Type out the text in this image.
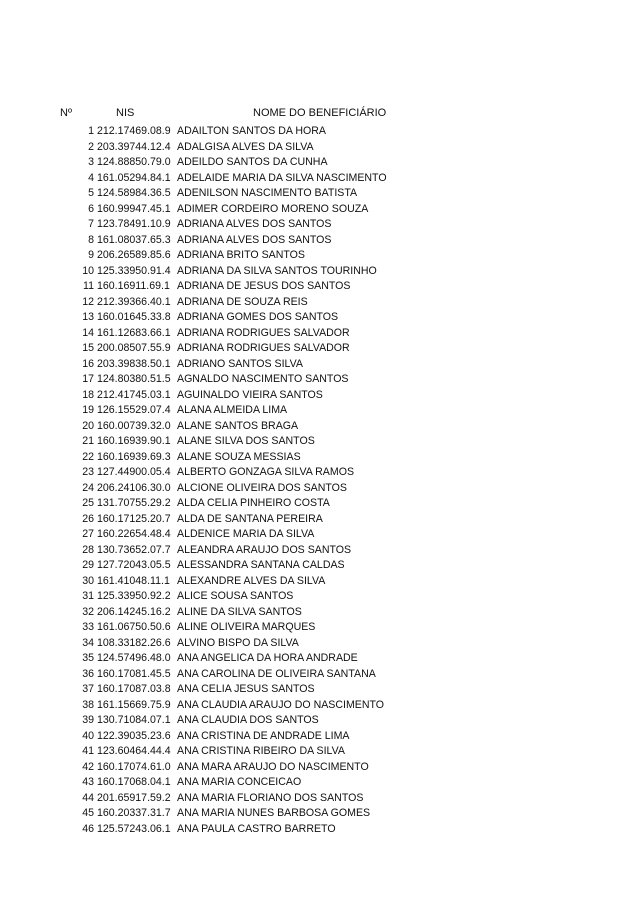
Nº	NIS	NOME DO BENEFICIÁRIO
1 212.17469.08.9 ADAILTON SANTOS DA HORA
2 203.39744.12.4 ADALGISA ALVES DA SILVA
3 124.88850.79.0 ADEILDO SANTOS DA CUNHA
4 161.05294.84.1 ADELAIDE MARIA DA SILVA NASCIMENTO
5 124.58984.36.5 ADENILSON NASCIMENTO BATISTA
6 160.99947.45.1 ADIMER CORDEIRO MORENO SOUZA
7 123.78491.10.9 ADRIANA ALVES DOS SANTOS
8 161.08037.65.3 ADRIANA ALVES DOS SANTOS
9 206.26589.85.6 ADRIANA BRITO SANTOS
10 125.33950.91.4 ADRIANA DA SILVA SANTOS TOURINHO
11 160.16911.69.1 ADRIANA DE JESUS DOS SANTOS
12 212.39366.40.1 ADRIANA DE SOUZA REIS
13 160.01645.33.8 ADRIANA GOMES DOS SANTOS
14 161.12683.66.1 ADRIANA RODRIGUES SALVADOR
15 200.08507.55.9 ADRIANA RODRIGUES SALVADOR
16 203.39838.50.1 ADRIANO SANTOS SILVA
17 124.80380.51.5 AGNALDO NASCIMENTO SANTOS
18 212.41745.03.1 AGUINALDO VIEIRA SANTOS
19 126.15529.07.4 ALANA ALMEIDA LIMA
20 160.00739.32.0 ALANE SANTOS BRAGA
21 160.16939.90.1 ALANE SILVA DOS SANTOS
22 160.16939.69.3 ALANE SOUZA MESSIAS
23 127.44900.05.4 ALBERTO GONZAGA SILVA RAMOS
24 206.24106.30.0 ALCIONE OLIVEIRA DOS SANTOS
25 131.70755.29.2 ALDA CELIA PINHEIRO COSTA
26 160.17125.20.7 ALDA DE SANTANA PEREIRA
27 160.22654.48.4 ALDENICE MARIA DA SILVA
28 130.73652.07.7 ALEANDRA ARAUJO DOS SANTOS
29 127.72043.05.5 ALESSANDRA SANTANA CALDAS
30 161.41048.11.1 ALEXANDRE ALVES DA SILVA
31 125.33950.92.2 ALICE SOUSA SANTOS
32 206.14245.16.2 ALINE DA SILVA SANTOS
33 161.06750.50.6 ALINE OLIVEIRA MARQUES
34 108.33182.26.6 ALVINO BISPO DA SILVA
35 124.57496.48.0 ANA ANGELICA DA HORA ANDRADE
36 160.17081.45.5 ANA CAROLINA DE OLIVEIRA SANTANA
37 160.17087.03.8 ANA CELIA JESUS SANTOS
38 161.15669.75.9 ANA CLAUDIA ARAUJO DO NASCIMENTO
39 130.71084.07.1 ANA CLAUDIA DOS SANTOS
40 122.39035.23.6 ANA CRISTINA DE ANDRADE LIMA
41 123.60464.44.4 ANA CRISTINA RIBEIRO DA SILVA
42 160.17074.61.0 ANA MARA ARAUJO DO NASCIMENTO
43 160.17068.04.1 ANA MARIA CONCEICAO
44 201.65917.59.2 ANA MARIA FLORIANO DOS SANTOS
45 160.20337.31.7 ANA MARIA NUNES BARBOSA GOMES
46 125.57243.06.1 ANA PAULA CASTRO BARRETO
